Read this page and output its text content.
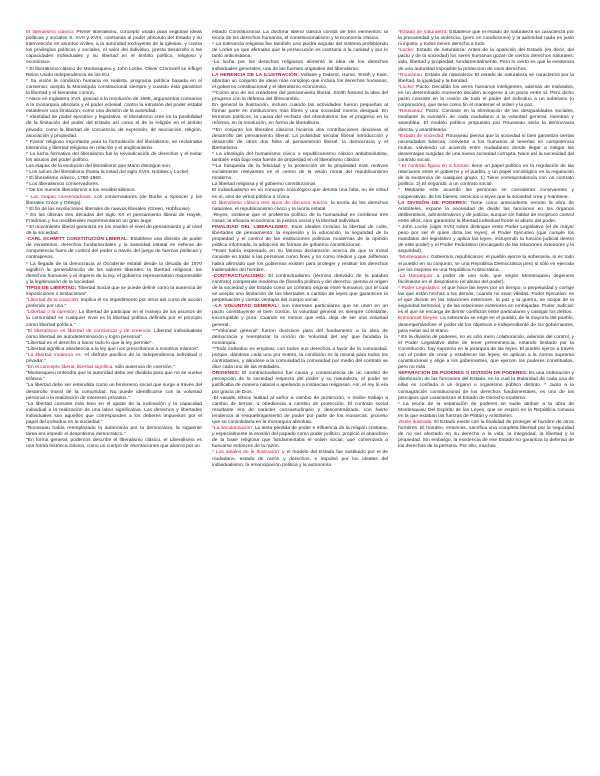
El liberalismo clásico: Primer liberalismo, concepto usado para englobar ideas políticas y sociales S. XVII y XVIII, contrarias al poder absoluto del Estado y su intervención en asuntos civiles, a la autoridad excluyente de la iglesias, y contra los privilegios políticos y sociales, el valor del individuo, presta desarrollo a las capacidades individuales y su libertad en el ámbito político, religioso y económico.

* El liberalismo clásico de Montesquieu y John Locke, Oliver Cromwell se influyó Reino Unido Independencia de los EU.

* Su visión la condición humana es realista, programa política basada en el consenso; acepta la Monarquía constitucional siempre y cuando ésta garantice la libertad y el bienestar común.

* Nace en Inglaterra XVII, gracias a la revolución de 1688, argumentos contrarios a la monarquía absoluta y el poder eclesial, contra la intrusión del poder estatal establecer una limitación, como una división de la autoridad.

* Identidad de poder ejecutivo y legislativo, el liberalismo cree en la posibilidad de la limitación del poder del Estado así como el de la religión en el ámbito privado; como la libertad de conciencia, de expresión, de asociación, religión, asociación y propiedad.

* Factor religioso importante para la formulación del liberalismo, se reclamaba tolerancia y libertad religiosa en relación y el anglicanismo.

* La lucha formativa del liberalismo fue la reivindicación de derechos y el evitar los abusos del poder político.

Las etapas de la evolución del liberalismo que Mann distingue son:

* Los raíces del liberalismo (hasta la mitad del siglo XVIII, Hobbes y Locke).

* El liberalismo clásico, 1780-1860.

* Los liberalismos conservadores.

* De los nuevos liberalismos a los neoliberalismos.

* Las etapas conservadoras: Los conservadores (de Burke a Spencer y los liberales Croce y Ortega).

* El fin de las revoluciones liberales de nuevos liberales (Green, Hobhouse).

* En las últimas tres décadas del siglo XX el pensamiento liberal de Hayek, Friedman y los neoliberales experimentaron un gran auge.

* El movimiento liberal garantiza en los niveles el nivel de pensamiento y al nivel de la sociedad.

-CARL SCHMITT CONSTITUCIÓN LIBERAL: Establece una división de poder de ministerios, derechos fundamentales y la autoridad estatal en esferas de competencia fuera de control del poder a través del juego de fuerzas políticas y contrapesos.

* La llegada de la democracia al Occidente estatal desde la década de 1870 significó la generalización de los valores liberales: la libertad religiosa, los derechos humanos y el imperio de la ley, el gobierno representativo responsable y la legitimación de la sociedad.

TIPOS DE LIBERTAD: "libertad Social que se puede definir como la ausencia de imposiciones o limitaciones".

"Libertad de la coacción: implica el no impedimento por otros del curso de acción preferido por uno."

"Libertad o la opresión: La libertad de participar en el manejo de los asuntos de la comunidad se cualquier nivel es la libertad política definida por el principio como libertad política."

"El liberalismo es libertad de conciencia y de creencia: Libertad individualista como libertad de autodeterminación y logro personal".

"Libertad es el derecho a hacer todo lo que la ley permite".

"Libertad significa obediencia a la ley que nos prescribimos a nosotros mismos".

"La libertad moderna es: 'el disfrute pacífico de la independencia individual o privada'."

"En el concepto liberal, libertad significa: sólo ausencia de coerción."

"Montesquieu entendía que la autoridad debe ser dividida para que no se vuelva tiránica."

"La libertad debe ser entendida como un fenómeno social que surge a través del desarrollo moral de la comunidad. No puede identificarse con la voluntad personal o la realización de intereses privados."

"La libertad consiste más bien en el ajuste de la inclinación y la capacidad individual a la realización de una labor significativa. Los derechos y libertades individuales son aquellos que corresponden a los deberes impuestos por el papel del individuo en la sociedad."

"Rousseau había reemplazado la autonomía por la democracia, la siguiente tarea era impedir el despotismo democrático."

"En forma general, podemos describir el liberalismo clásico, el Liberalismo es una forma histórica clásica, como un cuerpo de orientaciones que abarca por un

estado Constitucional. La doctrina liberal clásica consta de tres elementos: la teoría de los derechos humanos, el constitucionalismo y la economía clásica.

* La tolerancia religiosa fue también una piedra angular del sistema prohibiendo de Locke ya que afirmaba que la persecución es contraria a la caridad y por lo tanto anticristiana.

-La lucha por los derechos religiosos alimentó la idea de los derechos individuales generales, una de las fuentes originales del liberalismo.

LA HERENCIA DE LA ILUSTRACIÓN: Voltaire y Diderot, Hume, Smith y Kant, abordan un conjunto de ideas más complejo que incluía los derechos humanos, el gobierno constitucional y el liberalismo económico.

**Como uno de los creadores del pensamiento liberal, Smith fusionó la idea del progreso con la defensa del librecambio.

En general la Ilustración, incluso cuando las actividades fueron pequeñas al formar parte en instituciones más libres y una sociedad menos desigual. En términos políticos, la causa del rechazo del Absolutismo fue el progreso en la reforma, en la revolución, en forma de liberalismo.

**En conjunto los liberales clásicos hicieron dos contribuciones decisivas al desarrollo del pensamiento liberal: La polaridad secular liberal introducción y desarrollo de otros dos hilos al pensamiento liberal: la democracia y el libertarismo.

* La ideología del humanismo cívico o republicanismo clásico antiabsolutista, también está bajo esta fuente de propiedad en el liberalismo clásico.

**La búsqueda de la felicidad y la protección de la propiedad eran motivos socialmente relevantes en el centro de la visión moral del republicanismo moderno.

La libertad religiosa y el gobierno constitucional.

El individualismo es un concepto sociológico que denota una falta, no de virtud en sí, sino de virtud pública o cívica.

El liberalismo clásico tres tipos de discurso teórico: la teoría de los derechos naturales, el republicanismo cívico y la teoría estatal.

-Reyes, sostiene que el problema político de la humanidad es combinar tres cosas: la eficacia económica, la justicia social y la libertad individual.

FINALIDAD DEL LIBERALISMO: Esos ideales incluían la libertad de culto, libertades de pensamiento, la expresión y la educación, la seguridad de la propiedad y el control de las instituciones políticas modernas de la opinión pública informada, la adopción de formas de gobierno constitucional.

**Kant había expresado en su famosa declaración acerca de que la moral consiste en tratar a las personas como fines y no como medios y que Jefferson había afirmado que los gobiernos existen para proteger y restituir los derechos inalienables del hombre.

-CONTRACTUALISMO: El contractualismo (término derivado de la palabra contrato) comprende moderna de filosofía política y del derecho, piensa el origen de la sociedad y del Estado como un contrato original entre humanos, por el cual se acepta una limitación de las libertades a cambio de leyes que garanticen la perpetuación y ciertas ventajas del cuerpo social.

--LA VOLUNTAD GENERAL: son intereses particulares que se unen en un pacto constituyente el bien común, la voluntad general es siempre constante, incorruptible y pura. Cuando es menos que esto, deja de ser una voluntad general.

**"Voluntad general" fueron decisivos para del fundamento a la idea de democracia y reemplazar la noción de 'voluntad del rey' que fundaba la monarquía.

**Todo individuo es emplear, con todos sus derechos a favor de la comunidad, porque, dándose cada uno por entero, la condición es la misma para todos los contratantes, y dándose a la comunidad la comunidad por medio del contrato se dice cada uno de las entidades.

ORIGENES: El contractualismo fue causa y consecuencia de un cambio de percepción de la sociedad respecto del poder y su naturaleza, el poder se justificaba de manera natural o apelando a instancias religiosas. Así, el rey lo era por gracia de Dios.

-El vasallo ofrece lealtad al señor a cambio de protección, o recibe trabajo a cambio de tierras, u obediencia a cambio de protección. El contrato social resultante era de carácter consuetudinario y descentralizado, con fuerte tendencia al resquebrajamiento de poder por parte de los monarcas, proceso que se consolidaría en la monarquía absoluta.

*La secularización: La lenta pérdida de poder e influencia de la religión cristiana, y especialmente la erosión del papado como poder político, propició el abandono de la base religiosa que fundamentaba el orden social, que comenzará a buscarse entonces de la razón.

* Los ideales de la Ilustración: y el modelo del Estado fue sustituido por el de ciudadano, estado de razón y derechos, e impulsó por los ideales del individualismo, la emancipación política y la autonomía

*Estado de naturaleza: Establece que el estado de naturaleza se caracteriza por la precariedad y la violencia, (pero en condiciones) y la autoridad nada es justo ni injusto, y todos tienen derecho a todo.

*Locke: Estado de naturaleza: Antes de la aparición del Estado (es decir, del pacto y de la sociedad) los seres humanos gozan de ciertos derechos naturales: vida, libertad y propiedad, fundamentalmente. Pero lo cierto es que la existencia de una autoridad imposible la protección de esos derechos.

*Rousseau: Estado de naturaleza: El estado de naturaleza se caracteriza por la libertad, la igualdad y la bondad.

*Locke: Pacto: Decidido los seres humanos inteligentes, además de malvados, en un determinado momento deciden acogerse a un pacto entre sí. Pero dicho pacto consiste en la cesión de todo el poder del individuo a un soberano (o corporación), que tiene como fin el mantener el orden y la paz.

*Rousseau: Pacto: Consiste en la eliminación de las desigualdades sociales, mediante la sumisión de cada ciudadano a la voluntad general, mientras y asamblea. El modelo político propuesto por Rousseau sería la democracia directa, y asamblearia.

*Estado de sociedad: Rousseau piensa que la sociedad sí bien garantiza ciertas necesidades básicas, convierte a los humanos al tenerlas en competencia mutua, volviendo un acuerdo entre ciudadanos donde llegar a mitigar las desventajas surgidas de una nueva sociedad corrupta. Nace así la necesidad del contrato social.

* El contrato figura en 2 formas: tiene un papel político en la regulación de las relaciones entre el gobierno y el pueblo, y un papel sociológico en la regulación de la existencia de cualquier grupo. 1) Tiene correspondencia con un contrato político. 2) El segundo, a un contrato social.

* Mediante este acuerdo las personas se consideran convivientes y cooperativas, de los bienes, servicios o leyes que la sociedad crea y mantiene.

LA DIVISIÓN DE PODERES: Tiene como antecedente remoto la obra de Aristóteles, expone la necesidad de dividir las funciones en los órganos deliberativos, administrativos y de justicia, aunque sin hablar de recíproco control entre ellos, sino garantizar la libertad individual frente al abuso del poder.

* John Locke (siglo XVII) sobre distingue entre Poder Legislativo (el de mayor peso por ser él quien dicta las leyes), el Poder Ejecutivo (que cumple los mandatos del legislativo y aplica las leyes, incluyendo la función judicial dentro de este poder) y el Poder Federativo (encargado de las relaciones exteriores y la seguridad).

*Montesquieu: Gobiernos republicanos: el pueblo ejerce la soberanía, si es todo el pueblo en su conjunto, se una República Democrática pero si sólo es ejercida por los mejores es una República Aristocrática.

-La Monarquía: a poder de uno solo, que según Montesquieu degenera fácilmente en el despotismo (el abuso del poder).

* Poder Legislativo: el que hace las leyes por un tiempo, o perpetuidad y corrige las que están hechas a los demás, cuando no sean válidas. Poder Ejecutivo: es el que decide en las relaciones exteriores, la paz y la guerra, se ocupa de la seguridad territorial, y de las relaciones exteriores en embajadas. Poder Judicial: es el que se encarga de dirimir conflictos entre particulares y castigar los delitos.

Emmanuel Sieyès: La soberanía se erige en el pueblo, de la mayoría del pueblo, desempeñándose el poder de los objetivos e independiente de los gobernantes, para evitar así el tirano.

* En la división de poderes, no es sólo mero colaboración, además del control, y el Poder Legislativo debe de tener preeminencia, estando limitado por la Constitución, hay supremo en la jerarquía de las leyes. El pueblo ejerce a través con el poder de crear y establecer las leyes; se aplican a la norma suprema constitucional y elige a los gobernantes, que ejercen los poderes constituidos, pero no más.

SEPARACIÓN DE PODERES O DIVISIÓN DE PODERES: Es una ordenación y distribución de las funciones del Estado, en la cual la titularidad de cada una de ellas es confiada a un órgano u organismo público distinto. * Junto a la consagración constitucional de los derechos fundamentales, es uno de los principios que caracterizan el Estado de Derecho moderno.

* La teoría de la separación de poderes se suele atribuir a la obra de Montesquieu Del Espíritu de las Leyes, que se inspiró en la República romana en la que estaban las fuerzas de Platón y Aristóteles.

Visión ilustrada: El Estado existe con la finalidad de proteger al hombre de otros hombres. El hombre, entonces, sacrifica una completa libertad por la seguridad de no ser afectado en su derecho a la vida, la integridad, la libertad y la propiedad. Sin embargo, la existencia de ese Estado no garantiza la defensa de los derechos de la persona. Por ello, muchas
